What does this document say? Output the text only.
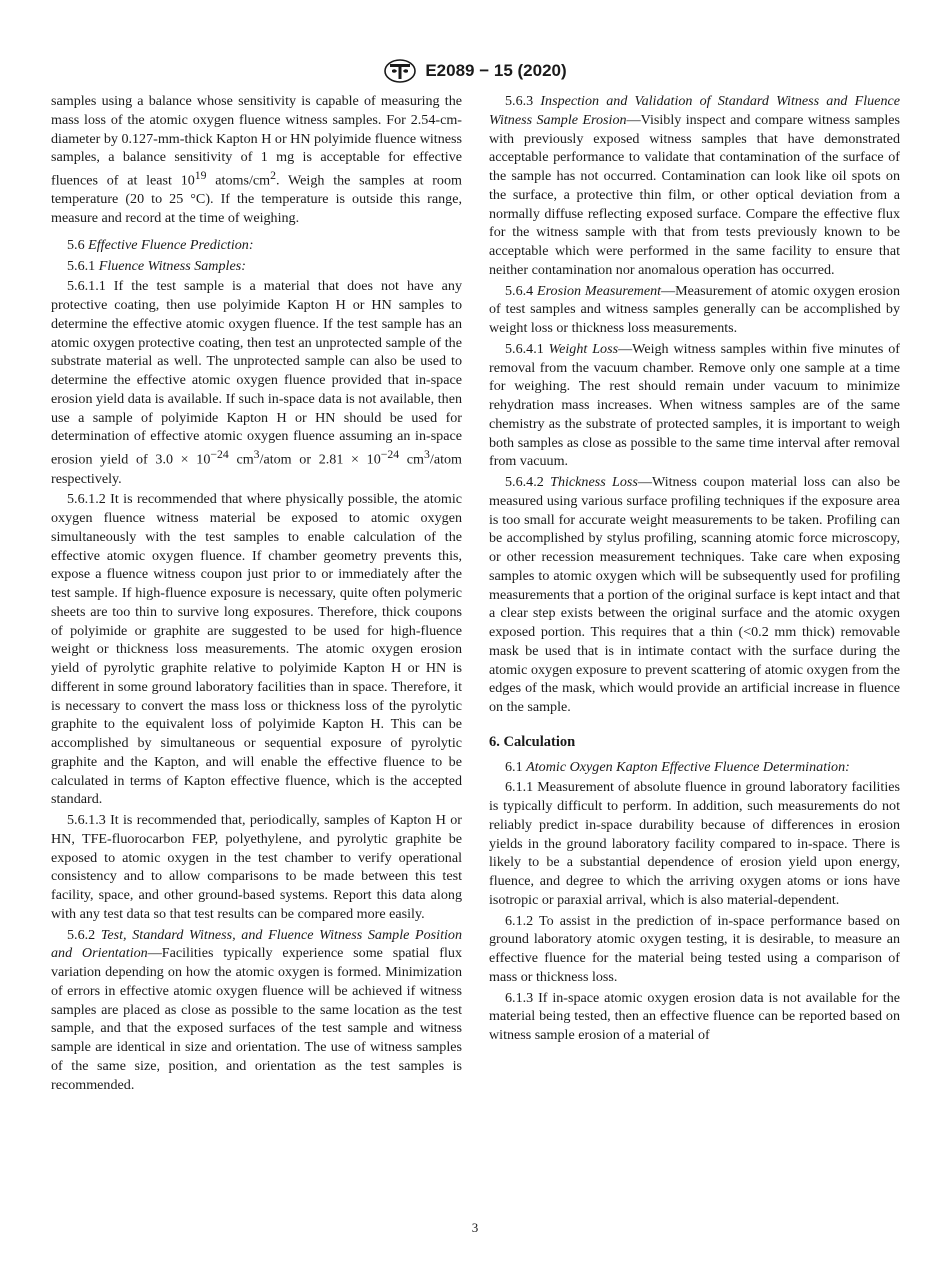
E2089 − 15 (2020)

samples using a balance whose sensitivity is capable of measuring the mass loss of the atomic oxygen fluence witness samples. For 2.54-cm-diameter by 0.127-mm-thick Kapton H or HN polyimide fluence witness samples, a balance sensitivity of 1 mg is acceptable for effective fluences of at least $10^{19}$ atoms/$cm^2$. Weigh the samples at room temperature (20 to 25 °C). If the temperature is outside this range, measure and record at the time of weighing.

5.6 Effective Fluence Prediction:

5.6.1 Fluence Witness Samples:

5.6.1.1 If the test sample is a material that does not have any protective coating, then use polyimide Kapton H or HN samples to determine the effective atomic oxygen fluence. If the test sample has an atomic oxygen protective coating, then test an unprotected sample of the substrate material as well. The unprotected sample can also be used to determine the effective atomic oxygen fluence provided that in-space erosion yield data is available. If such in-space data is not available, then use a sample of polyimide Kapton H or HN should be used for determination of effective atomic oxygen fluence assuming an in-space erosion yield of $3.0 \times 10^{-24}$ $cm^3$/atom or $2.81 \times 10^{-24}$ $cm^3$/atom respectively.

5.6.1.2 It is recommended that where physically possible, the atomic oxygen fluence witness material be exposed to atomic oxygen simultaneously with the test samples to enable calculation of the effective atomic oxygen fluence. If chamber geometry prevents this, expose a fluence witness coupon just prior to or immediately after the test sample. If high-fluence exposure is necessary, quite often polymeric sheets are too thin to survive long exposures. Therefore, thick coupons of polyimide or graphite are suggested to be used for high-fluence weight or thickness loss measurements. The atomic oxygen erosion yield of pyrolytic graphite relative to polyimide Kapton H or HN is different in some ground laboratory facilities than in space. Therefore, it is necessary to convert the mass loss or thickness loss of the pyrolytic graphite to the equivalent loss of polyimide Kapton H. This can be accomplished by simultaneous or sequential exposure of pyrolytic graphite and the Kapton, and will enable the effective fluence to be calculated in terms of Kapton effective fluence, which is the accepted standard.

5.6.1.3 It is recommended that, periodically, samples of Kapton H or HN, TFE-fluorocarbon FEP, polyethylene, and pyrolytic graphite be exposed to atomic oxygen in the test chamber to verify operational consistency and to allow comparisons to be made between this test facility, space, and other ground-based systems. Report this data along with any test data so that test results can be compared more easily.

5.6.2 Test, Standard Witness, and Fluence Witness Sample Position and Orientation—Facilities typically experience some spatial flux variation depending on how the atomic oxygen is formed. Minimization of errors in effective atomic oxygen fluence will be achieved if witness samples are placed as close as possible to the same location as the test sample, and that the exposed surfaces of the test sample and witness sample are identical in size and orientation. The use of witness samples of the same size, position, and orientation as the test samples is recommended.

5.6.3 Inspection and Validation of Standard Witness and Fluence Witness Sample Erosion—Visibly inspect and compare witness samples with previously exposed witness samples that have demonstrated acceptable performance to validate that contamination of the surface of the sample has not occurred. Contamination can look like oil spots on the surface, a protective thin film, or other optical deviation from a normally diffuse reflecting exposed surface. Compare the effective flux for the witness sample with that from tests previously known to be acceptable which were performed in the same facility to ensure that neither contamination nor anomalous operation has occurred.

5.6.4 Erosion Measurement—Measurement of atomic oxygen erosion of test samples and witness samples generally can be accomplished by weight loss or thickness loss measurements.

5.6.4.1 Weight Loss—Weigh witness samples within five minutes of removal from the vacuum chamber. Remove only one sample at a time for weighing. The rest should remain under vacuum to minimize rehydration mass increases. When witness samples are of the same chemistry as the substrate of protected samples, it is important to weigh both samples as close as possible to the same time interval after removal from vacuum.

5.6.4.2 Thickness Loss—Witness coupon material loss can also be measured using various surface profiling techniques if the exposure area is too small for accurate weight measurements to be taken. Profiling can be accomplished by stylus profiling, scanning atomic force microscopy, or other recession measurement techniques. Take care when exposing samples to atomic oxygen which will be subsequently used for profiling measurements that a portion of the original surface is kept intact and that a clear step exists between the original surface and the atomic oxygen exposed portion. This requires that a thin (<0.2 mm thick) removable mask be used that is in intimate contact with the surface during the atomic oxygen exposure to prevent scattering of atomic oxygen from the edges of the mask, which would provide an artificial increase in fluence on the sample.

6. Calculation

6.1 Atomic Oxygen Kapton Effective Fluence Determination:

6.1.1 Measurement of absolute fluence in ground laboratory facilities is typically difficult to perform. In addition, such measurements do not reliably predict in-space durability because of differences in erosion yields in the ground laboratory facility compared to in-space. There is likely to be a substantial dependence of erosion yield upon energy, fluence, and degree to which the arriving oxygen atoms or ions have isotropic or paraxial arrival, which is also material-dependent.

6.1.2 To assist in the prediction of in-space performance based on ground laboratory atomic oxygen testing, it is desirable, to measure an effective fluence for the material being tested using a comparison of mass or thickness loss.

6.1.3 If in-space atomic oxygen erosion data is not available for the material being tested, then an effective fluence can be reported based on witness sample erosion of a material of

3
